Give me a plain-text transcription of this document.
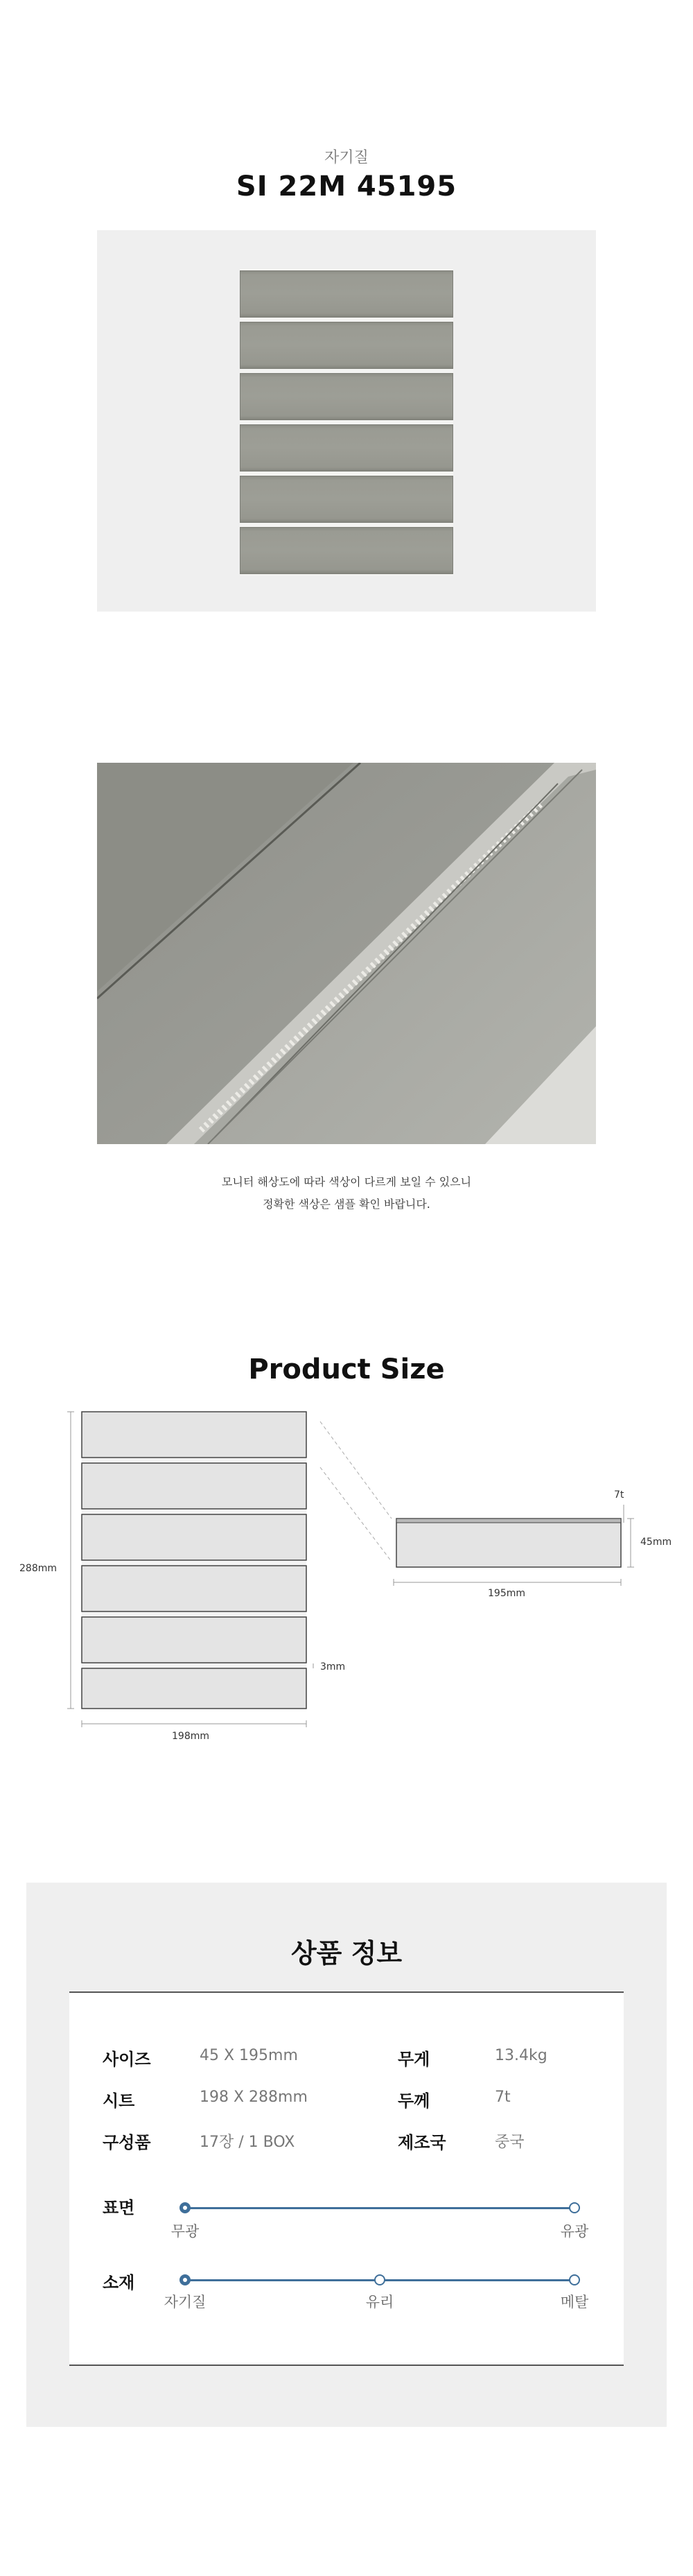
자기질
SI 22M 45195
모니터 해상도에 따라 색상이 다르게 보일 수 있으니
정확한 색상은 샘플 확인 바랍니다.
Product Size
288mm
198mm
3mm
195mm
45mm
7t
상품 정보
사이즈	45 X 195mm	무게	13.4kg
시트	198 X 288mm	두께	7t
구성품	17장 / 1 BOX	제조국	중국
표면
무광	유광
소재
자기질	유리	메탈
